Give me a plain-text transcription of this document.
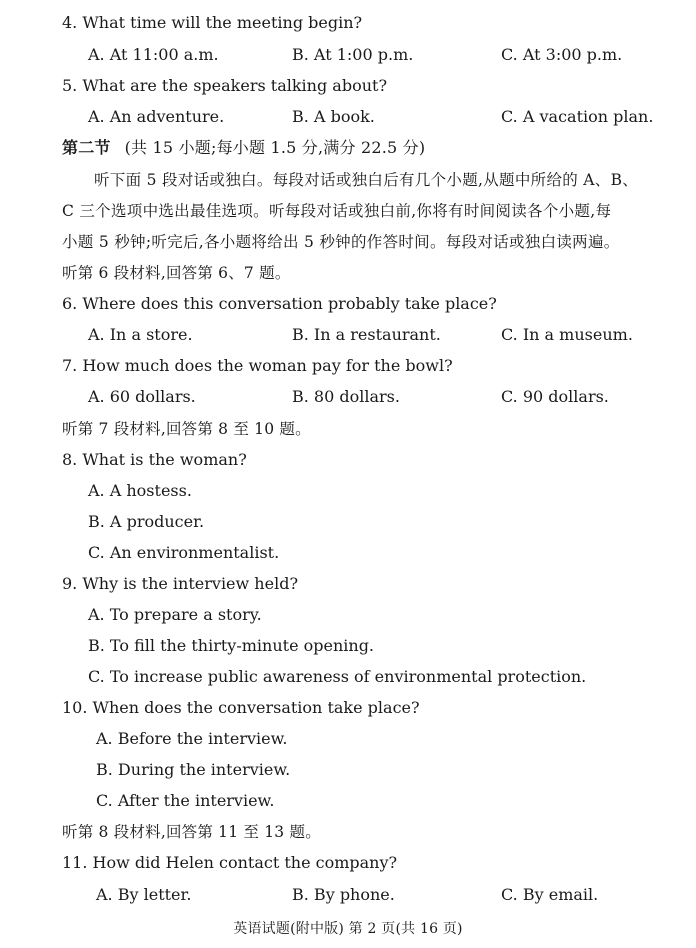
4. What time will the meeting begin?
A. At 11:00 a.m.	B. At 1:00 p.m.	C. At 3:00 p.m.
5. What are the speakers talking about?
A. An adventure.	B. A book.	C. A vacation plan.
第二节 (共 15 小题;每小题 1.5 分,满分 22.5 分)
听下面 5 段对话或独白。每段对话或独白后有几个小题,从题中所给的 A、B、
C 三个选项中选出最佳选项。听每段对话或独白前,你将有时间阅读各个小题,每
小题 5 秒钟;听完后,各小题将给出 5 秒钟的作答时间。每段对话或独白读两遍。
听第 6 段材料,回答第 6、7 题。
6. Where does this conversation probably take place?
A. In a store.	B. In a restaurant.	C. In a museum.
7. How much does the woman pay for the bowl?
A. 60 dollars.	B. 80 dollars.	C. 90 dollars.
听第 7 段材料,回答第 8 至 10 题。
8. What is the woman?
A. A hostess.
B. A producer.
C. An environmentalist.
9. Why is the interview held?
A. To prepare a story.
B. To fill the thirty-minute opening.
C. To increase public awareness of environmental protection.
10. When does the conversation take place?
A. Before the interview.
B. During the interview.
C. After the interview.
听第 8 段材料,回答第 11 至 13 题。
11. How did Helen contact the company?
A. By letter.	B. By phone.	C. By email.
英语试题(附中版) 第 2 页(共 16 页)
